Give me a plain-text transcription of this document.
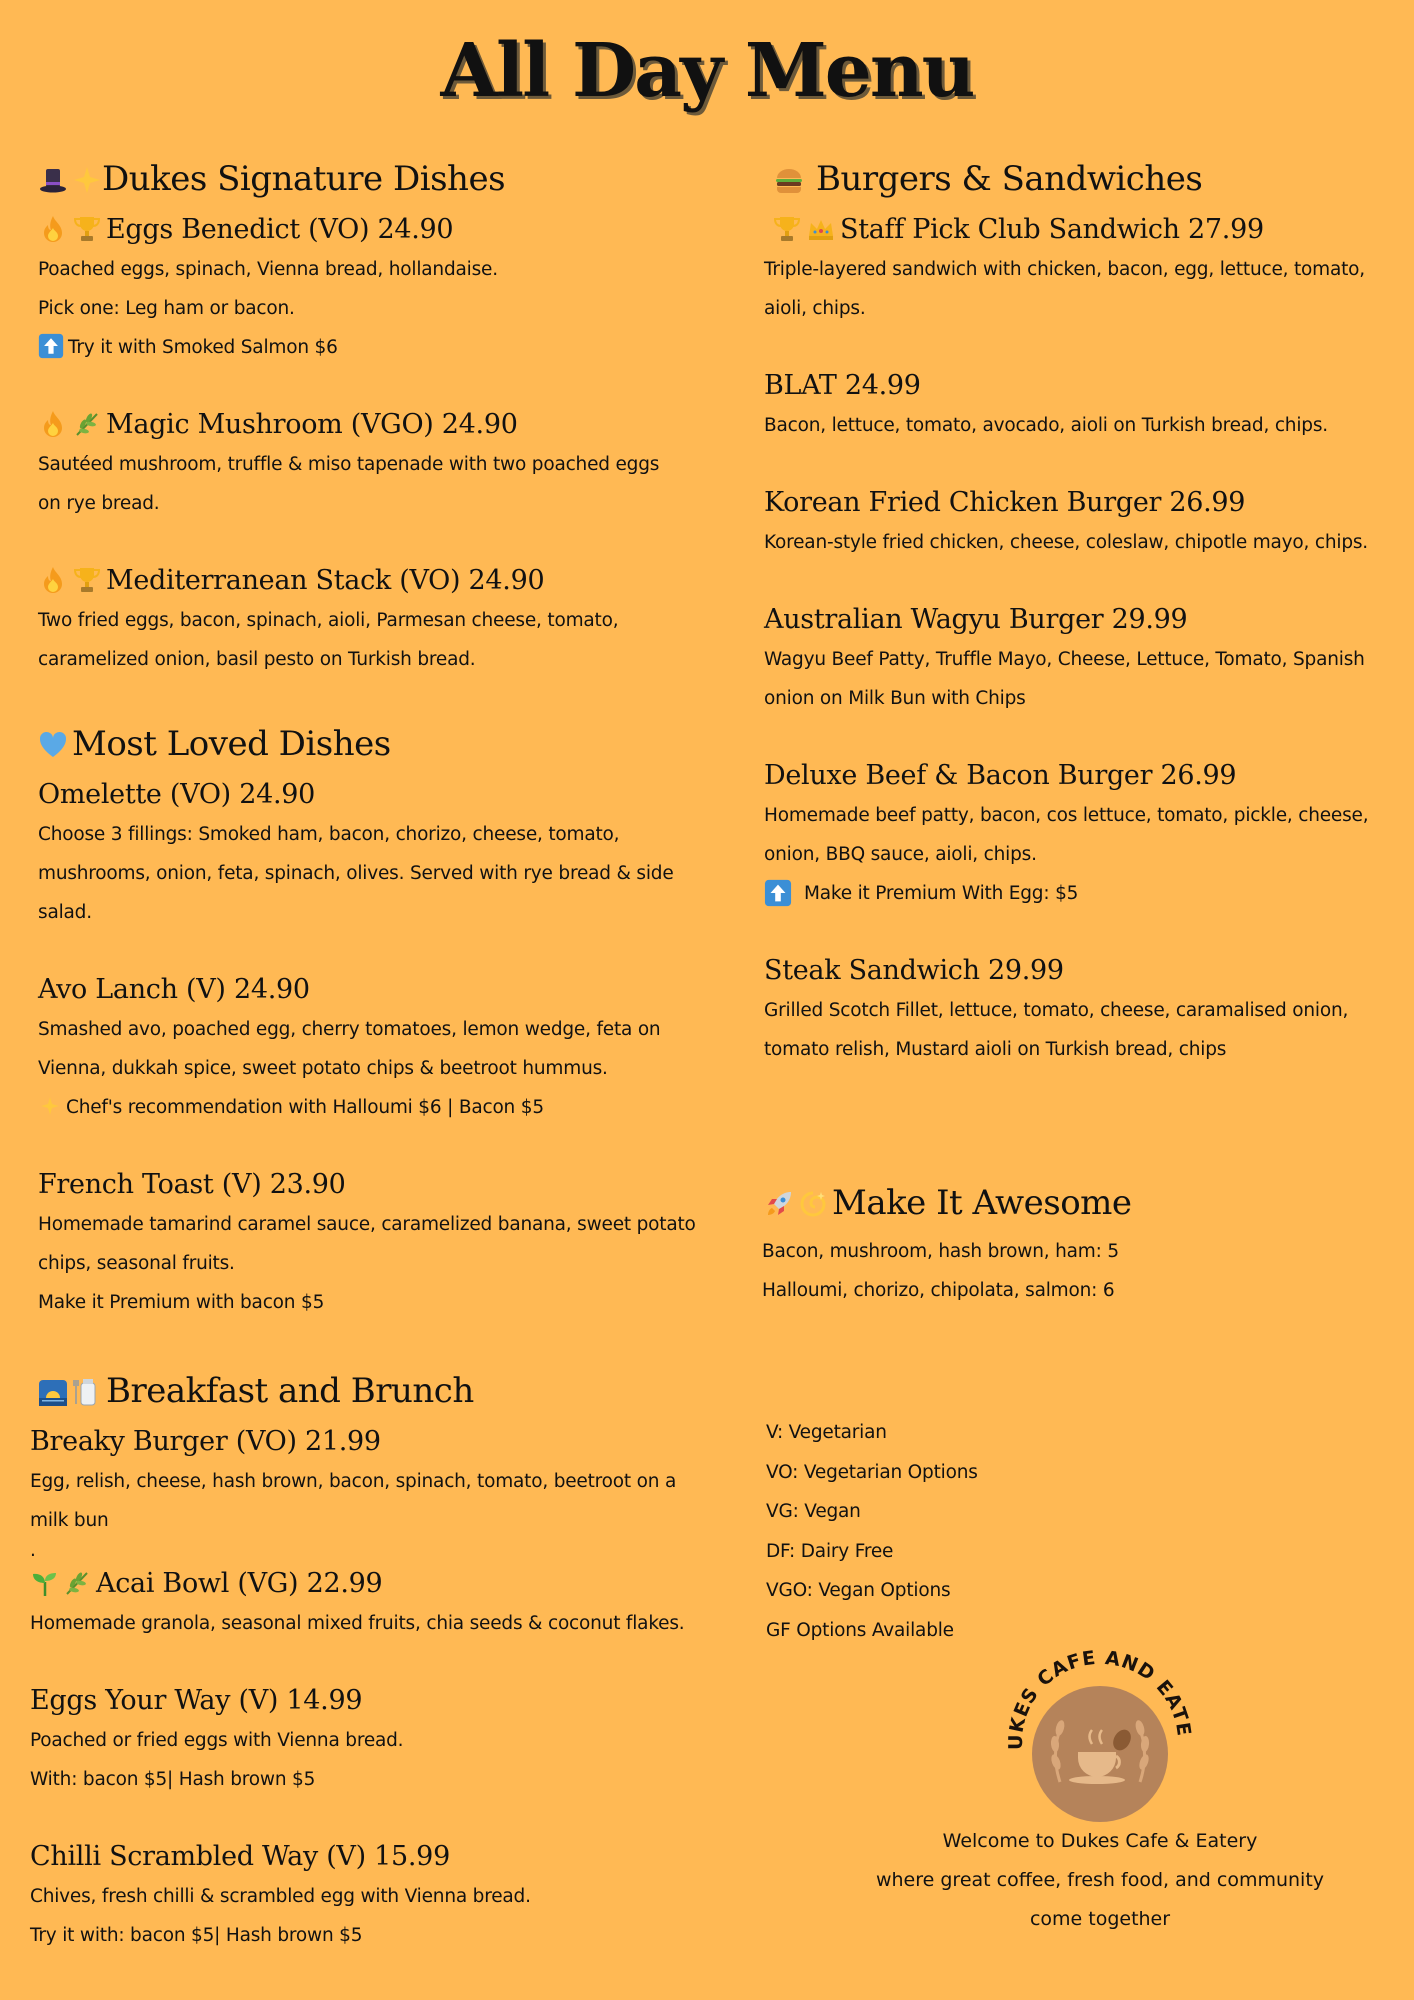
All Day Menu
Dukes Signature Dishes
Eggs Benedict (VO) 24.90
Poached eggs, spinach, Vienna bread, hollandaise.
Pick one: Leg ham or bacon.
Try it with Smoked Salmon $6
Magic Mushroom (VGO) 24.90
Sautéed mushroom, truffle & miso tapenade with two poached eggs
on rye bread.
Mediterranean Stack (VO) 24.90
Two fried eggs, bacon, spinach, aioli, Parmesan cheese, tomato,
caramelized onion, basil pesto on Turkish bread.
Most Loved Dishes
Omelette (VO) 24.90
Choose 3 fillings: Smoked ham, bacon, chorizo, cheese, tomato,
mushrooms, onion, feta, spinach, olives. Served with rye bread & side
salad.
Avo Lanch (V) 24.90
Smashed avo, poached egg, cherry tomatoes, lemon wedge, feta on
Vienna, dukkah spice, sweet potato chips & beetroot hummus.
Chef's recommendation with Halloumi $6 | Bacon $5
French Toast (V) 23.90
Homemade tamarind caramel sauce, caramelized banana, sweet potato
chips, seasonal fruits.
Make it Premium with bacon $5
Breakfast and Brunch
Breaky Burger (VO) 21.99
Egg, relish, cheese, hash brown, bacon, spinach, tomato, beetroot on a
milk bun
.
Acai Bowl (VG) 22.99
Homemade granola, seasonal mixed fruits, chia seeds & coconut flakes.
Eggs Your Way (V) 14.99
Poached or fried eggs with Vienna bread.
With: bacon $5| Hash brown $5
Chilli Scrambled Way (V) 15.99
Chives, fresh chilli & scrambled egg with Vienna bread.
Try it with: bacon $5| Hash brown $5
Burgers & Sandwiches
Staff Pick Club Sandwich 27.99
Triple-layered sandwich with chicken, bacon, egg, lettuce, tomato,
aioli, chips.
BLAT 24.99
Bacon, lettuce, tomato, avocado, aioli on Turkish bread, chips.
Korean Fried Chicken Burger 26.99
Korean-style fried chicken, cheese, coleslaw, chipotle mayo, chips.
Australian Wagyu Burger 29.99
Wagyu Beef Patty, Truffle Mayo, Cheese, Lettuce, Tomato, Spanish
onion on Milk Bun with Chips
Deluxe Beef & Bacon Burger 26.99
Homemade beef patty, bacon, cos lettuce, tomato, pickle, cheese,
onion, BBQ sauce, aioli, chips.
Make it Premium With Egg: $5
Steak Sandwich 29.99
Grilled Scotch Fillet, lettuce, tomato, cheese, caramalised onion,
tomato relish, Mustard aioli on Turkish bread, chips
Make It Awesome
Bacon, mushroom, hash brown, ham: 5
Halloumi, chorizo, chipolata, salmon: 6
V: Vegetarian
VO: Vegetarian Options
VG: Vegan
DF: Dairy Free
VGO: Vegan Options
GF Options Available
UKES CAFE AND EATE
Welcome to Dukes Cafe & Eatery
where great coffee, fresh food, and community
come together
